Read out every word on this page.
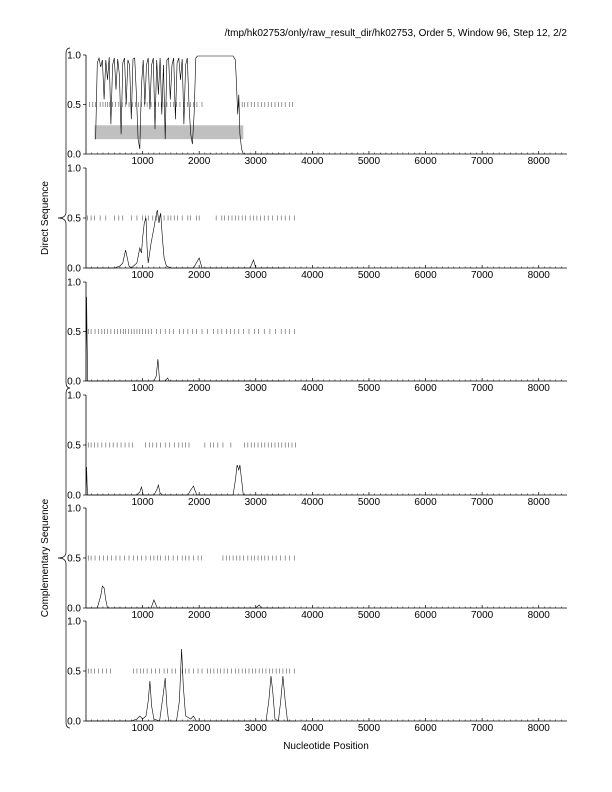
/tmp/hk02753/only/raw_result_dir/hk02753, Order 5, Window 96, Step 12, 2/2
1000	2000	3000	4000	5000	6000	7000	8000
0.0
0.5
1.0
1000	2000	3000	4000	5000	6000	7000	8000
0.0
0.5
1.0
1000	2000	3000	4000	5000	6000	7000	8000
0.0
0.5
1.0
1000	2000	3000	4000	5000	6000	7000	8000
0.0
0.5
1.0
1000	2000	3000	4000	5000	6000	7000	8000
0.0
0.5
1.0
1000	2000	3000	4000	5000	6000	7000	8000
0.0
0.5
1.0
Direct Sequence
Complementary Sequence
Nucleotide Position
